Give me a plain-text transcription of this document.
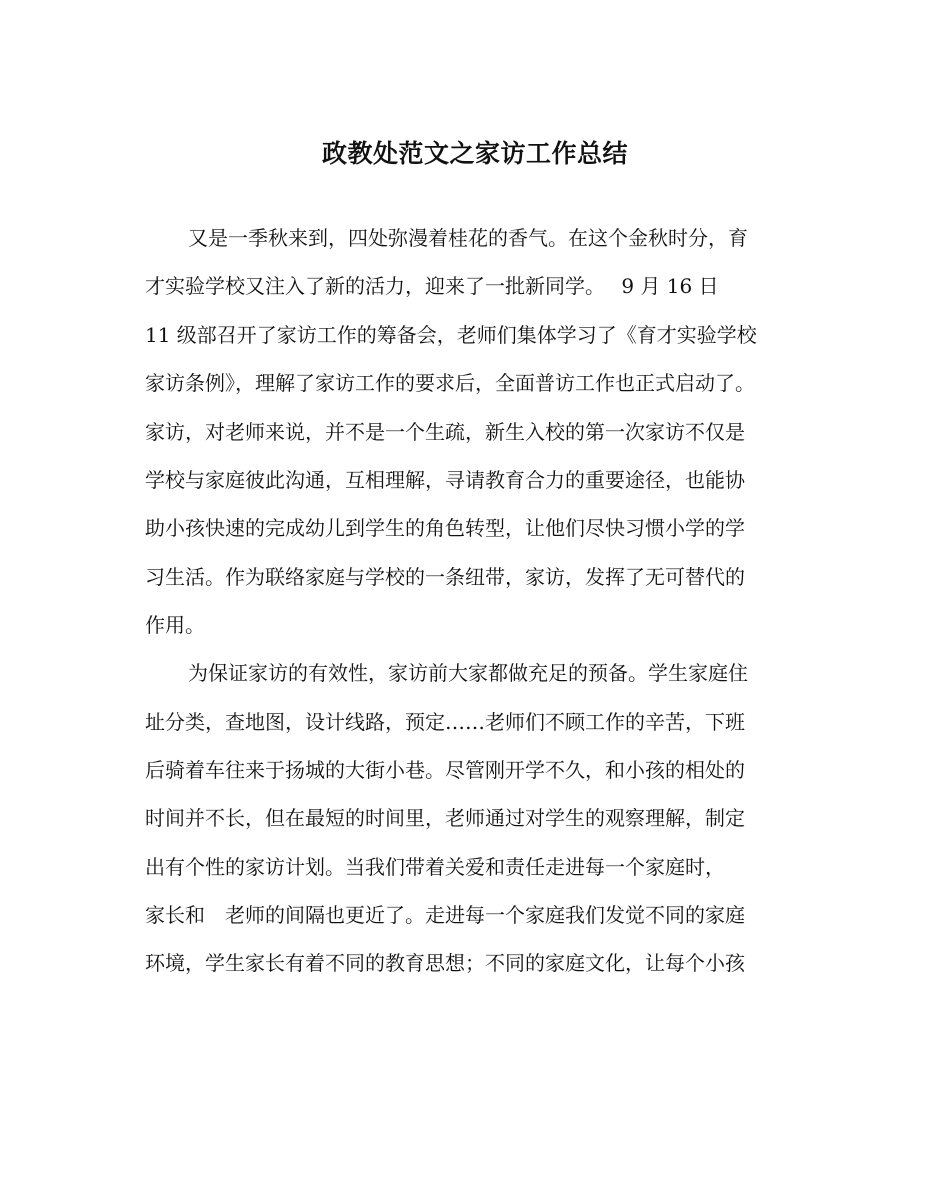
政教处范文之家访工作总结
又是一季秋来到，四处弥漫着桂花的香气。在这个金秋时分，育
才实验学校又注入了新的活力，迎来了一批新同学。　 9 月 16 日
11 级部召开了家访工作的筹备会，老师们集体学习了《育才实验学校
家访条例》，理解了家访工作的要求后，全面普访工作也正式启动了。
家访，对老师来说，并不是一个生疏，新生入校的第一次家访不仅是
学校与家庭彼此沟通，互相理解，寻请教育合力的重要途径，也能协
助小孩快速的完成幼儿到学生的角色转型，让他们尽快习惯小学的学
习生活。作为联络家庭与学校的一条纽带，家访，发挥了无可替代的
作用。
为保证家访的有效性，家访前大家都做充足的预备。学生家庭住
址分类，查地图，设计线路，预定……老师们不顾工作的辛苦，下班
后骑着车往来于扬城的大街小巷。尽管刚开学不久，和小孩的相处的
时间并不长，但在最短的时间里，老师通过对学生的观察理解，制定
出有个性的家访计划。当我们带着关爱和责任走进每一个家庭时，
家长和　老师的间隔也更近了。走进每一个家庭我们发觉不同的家庭
环境，学生家长有着不同的教育思想；不同的家庭文化，让每个小孩
